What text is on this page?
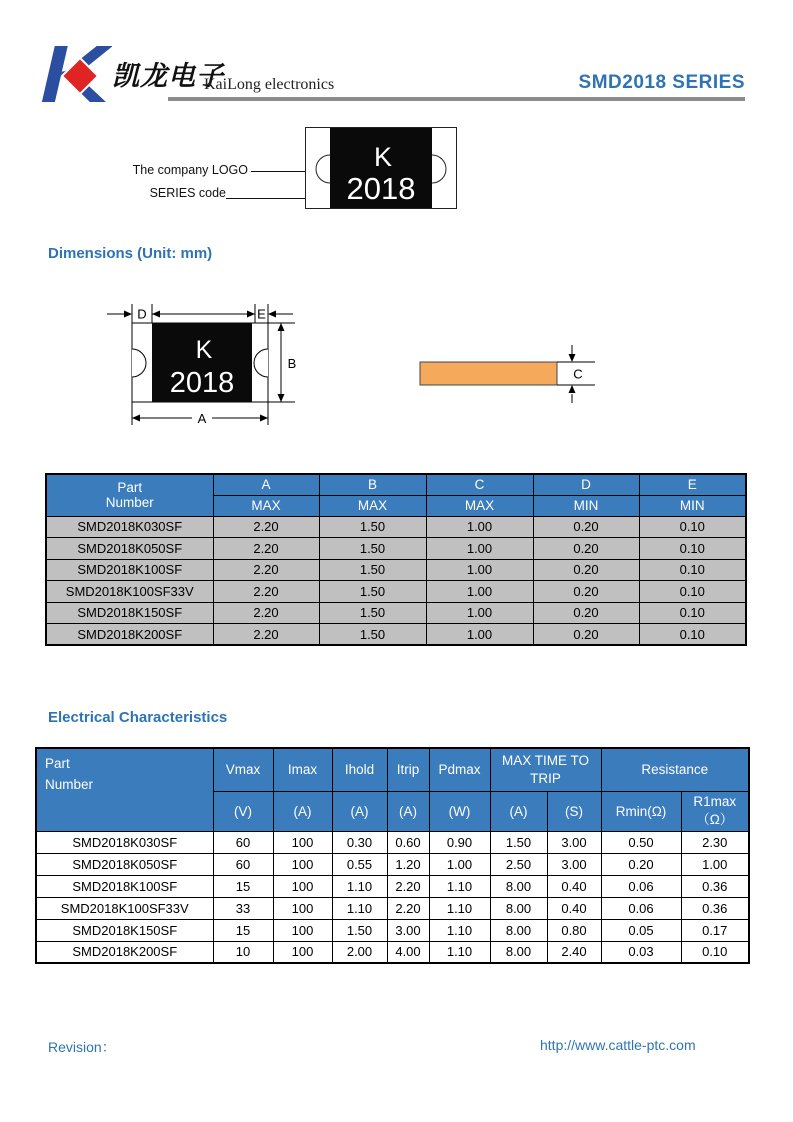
凯龙电子
KaiLong electronics	SMD2018 SERIES
The company LOGO
SERIES code
K
2018
Dimensions (Unit: mm)
K
2018
D	E
B
A
C
Part
Number	A	B	C	D	E
	MAX	MAX	MAX	MIN	MIN
SMD2018K030SF	2.20	1.50	1.00	0.20	0.10
SMD2018K050SF	2.20	1.50	1.00	0.20	0.10
SMD2018K100SF	2.20	1.50	1.00	0.20	0.10
SMD2018K100SF33V	2.20	1.50	1.00	0.20	0.10
SMD2018K150SF	2.20	1.50	1.00	0.20	0.10
SMD2018K200SF	2.20	1.50	1.00	0.20	0.10
Electrical Characteristics
Part
Number	Vmax	Imax	Ihold	Itrip	Pdmax	MAX TIME TO TRIP		Resistance	
	(V)	(A)	(A)	(A)	(W)	(A)	(S)	Rmin(Ω)	R1max
（Ω）

SMD2018K030SF	60	100	0.30	0.60	0.90	1.50	3.00	0.50	2.30
SMD2018K050SF	60	100	0.55	1.20	1.00	2.50	3.00	0.20	1.00
SMD2018K100SF	15	100	1.10	2.20	1.10	8.00	0.40	0.06	0.36
SMD2018K100SF33V	33	100	1.10	2.20	1.10	8.00	0.40	0.06	0.36
SMD2018K150SF	15	100	1.50	3.00	1.10	8.00	0.80	0.05	0.17
SMD2018K200SF	10	100	2.00	4.00	1.10	8.00	2.40	0.03	0.10
Revision：	http://www.cattle-ptc.com
